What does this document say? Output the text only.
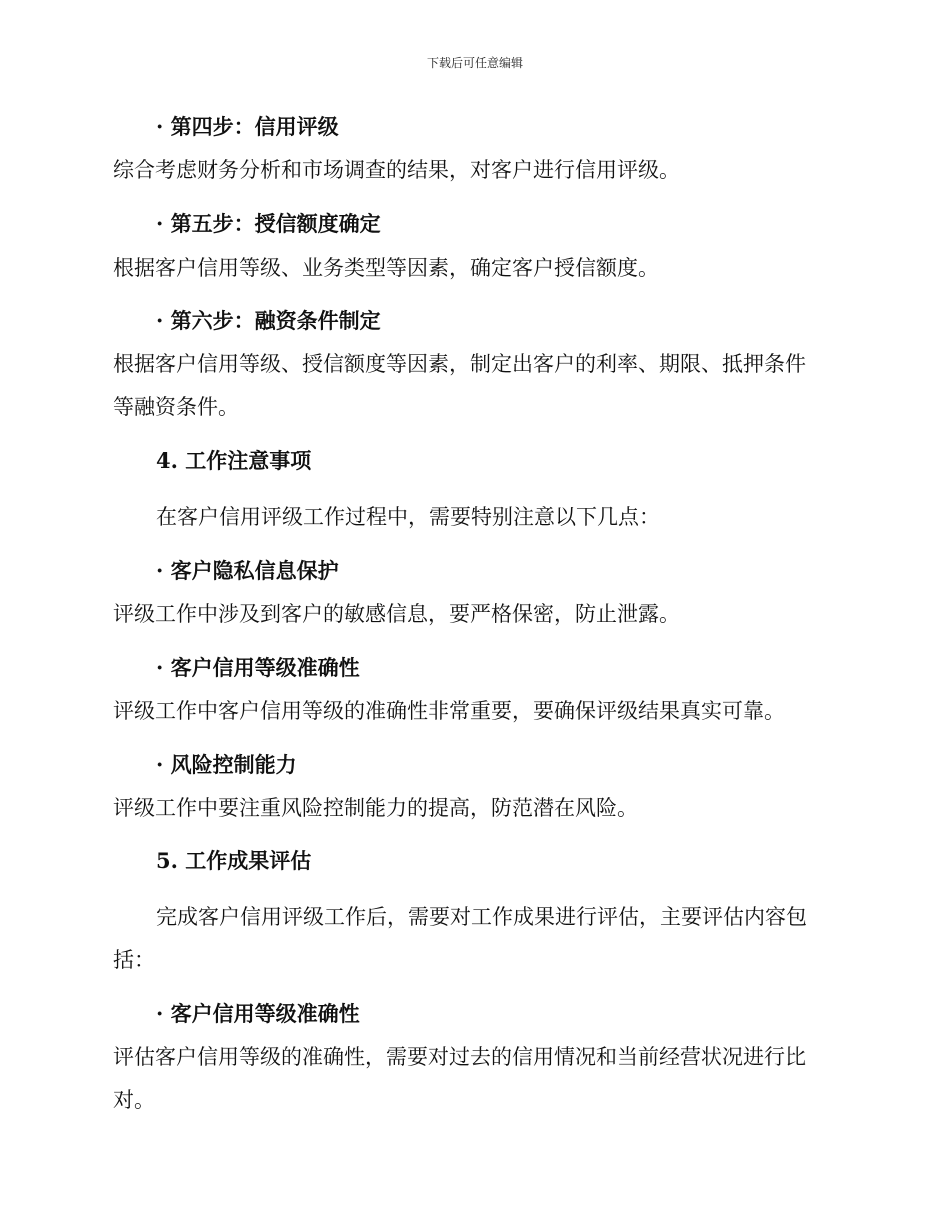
下载后可任意编辑
· 第四步：信用评级
综合考虑财务分析和市场调查的结果，对客户进行信用评级。
· 第五步：授信额度确定
根据客户信用等级、业务类型等因素，确定客户授信额度。
· 第六步：融资条件制定
根据客户信用等级、授信额度等因素，制定出客户的利率、期限、抵押条件
等融资条件。
4. 工作注意事项
在客户信用评级工作过程中，需要特别注意以下几点：
· 客户隐私信息保护
评级工作中涉及到客户的敏感信息，要严格保密，防止泄露。
· 客户信用等级准确性
评级工作中客户信用等级的准确性非常重要，要确保评级结果真实可靠。
· 风险控制能力
评级工作中要注重风险控制能力的提高，防范潜在风险。
5. 工作成果评估
完成客户信用评级工作后，需要对工作成果进行评估，主要评估内容包
括：
· 客户信用等级准确性
评估客户信用等级的准确性，需要对过去的信用情况和当前经营状况进行比
对。
